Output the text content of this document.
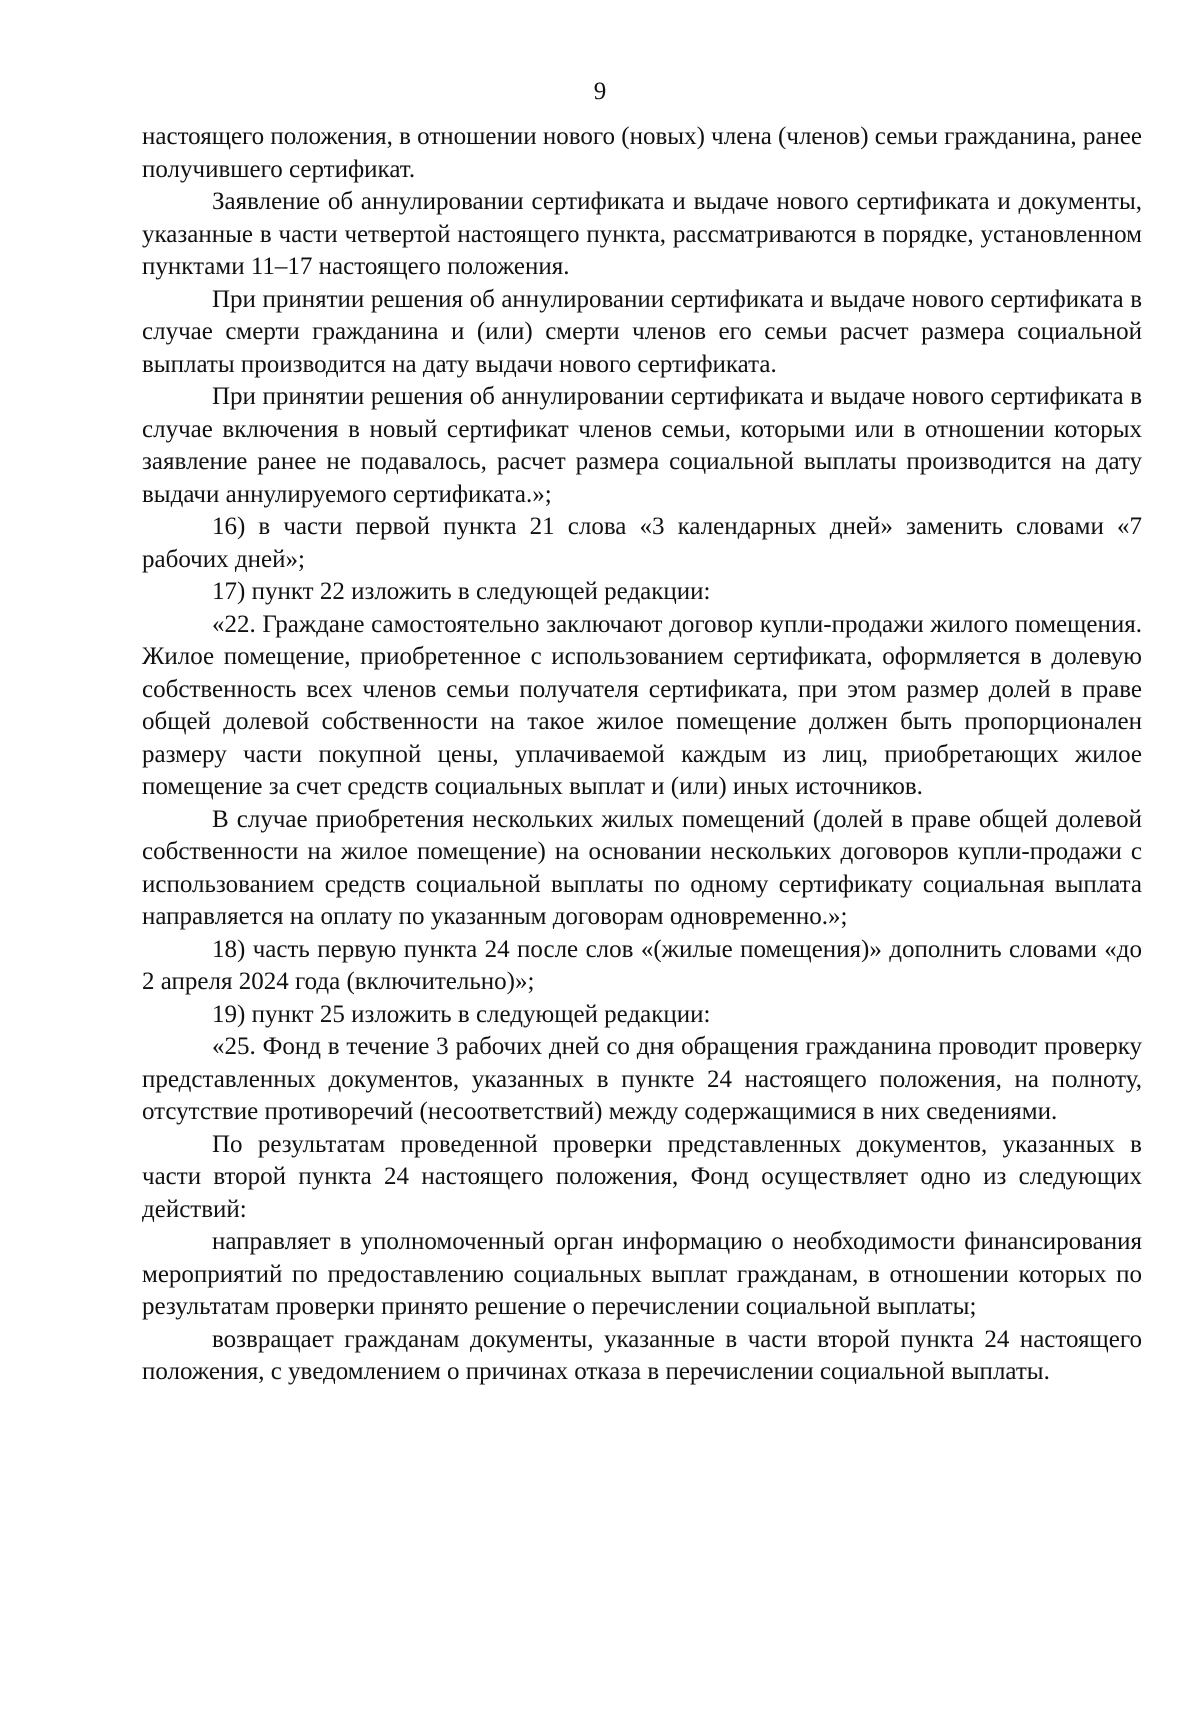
9

настоящего положения, в отношении нового (новых) члена (членов) семьи гражданина, ранее получившего сертификат.

Заявление об аннулировании сертификата и выдаче нового сертификата и документы, указанные в части четвертой настоящего пункта, рассматриваются в порядке, установленном пунктами 11–17 настоящего положения.

При принятии решения об аннулировании сертификата и выдаче нового сертификата в случае смерти гражданина и (или) смерти членов его семьи расчет размера социальной выплаты производится на дату выдачи нового сертификата.

При принятии решения об аннулировании сертификата и выдаче нового сертификата в случае включения в новый сертификат членов семьи, которыми или в отношении которых заявление ранее не подавалось, расчет размера социальной выплаты производится на дату выдачи аннулируемого сертификата.»;

16) в части первой пункта 21 слова «3 календарных дней» заменить словами «7 рабочих дней»;

17) пункт 22 изложить в следующей редакции:

«22. Граждане самостоятельно заключают договор купли-продажи жилого помещения. Жилое помещение, приобретенное с использованием сертификата, оформляется в долевую собственность всех членов семьи получателя сертификата, при этом размер долей в праве общей долевой собственности на такое жилое помещение должен быть пропорционален размеру части покупной цены, уплачиваемой каждым из лиц, приобретающих жилое помещение за счет средств социальных выплат и (или) иных источников.

В случае приобретения нескольких жилых помещений (долей в праве общей долевой собственности на жилое помещение) на основании нескольких договоров купли-продажи с использованием средств социальной выплаты по одному сертификату социальная выплата направляется на оплату по указанным договорам одновременно.»;

18) часть первую пункта 24 после слов «(жилые помещения)» дополнить словами «до 2 апреля 2024 года (включительно)»;

19) пункт 25 изложить в следующей редакции:

«25. Фонд в течение 3 рабочих дней со дня обращения гражданина проводит проверку представленных документов, указанных в пункте 24 настоящего положения, на полноту, отсутствие противоречий (несоответствий) между содержащимися в них сведениями.

По результатам проведенной проверки представленных документов, указанных в части второй пункта 24 настоящего положения, Фонд осуществляет одно из следующих действий:

направляет в уполномоченный орган информацию о необходимости финансирования мероприятий по предоставлению социальных выплат гражданам, в отношении которых по результатам проверки принято решение о перечислении социальной выплаты;

возвращает гражданам документы, указанные в части второй пункта 24 настоящего положения, с уведомлением о причинах отказа в перечислении социальной выплаты.
